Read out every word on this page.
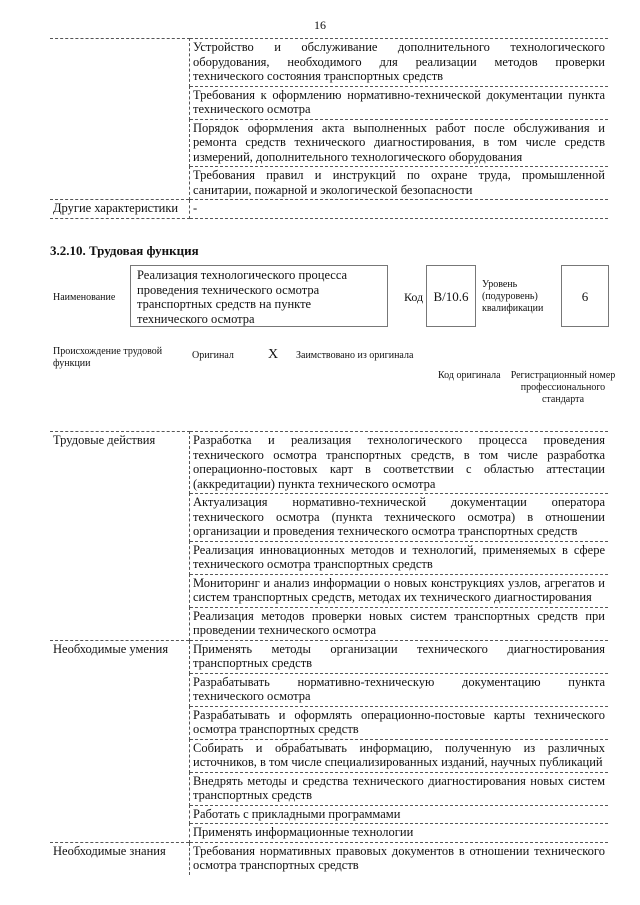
16
	Устройство и обслуживание дополнительного технологического оборудования, необходимого для реализации методов проверки технического состояния транспортных средств
	Требования к оформлению нормативно-технической документации пункта технического осмотра
	Порядок оформления акта выполненных работ после обслуживания и ремонта средств технического диагностирования, в том числе средств измерений, дополнительного технологического оборудования
	Требования правил и инструкций по охране труда, промышленной санитарии, пожарной и экологической безопасности
Другие характеристики	-
3.2.10. Трудовая функция
Наименование
Реализация технологического процесса проведения технического осмотра транспортных средств на пункте технического осмотра
Код B/10.6
Уровень (подуровень) квалификации
6
Происхождение трудовой функции
Оригинал X Заимствовано из оригинала
Код оригинала Регистрационный номер профессионального стандарта
Трудовые действия	Разработка и реализация технологического процесса проведения технического осмотра транспортных средств, в том числе разработка операционно-постовых карт в соответствии с областью аттестации (аккредитации) пункта технического осмотра
	Актуализация нормативно-технической документации оператора технического осмотра (пункта технического осмотра) в отношении организации и проведения технического осмотра транспортных средств
	Реализация инновационных методов и технологий, применяемых в сфере технического осмотра транспортных средств
	Мониторинг и анализ информации о новых конструкциях узлов, агрегатов и систем транспортных средств, методах их технического диагностирования
	Реализация методов проверки новых систем транспортных средств при проведении технического осмотра
Необходимые умения	Применять методы организации технического диагностирования транспортных средств
	Разрабатывать нормативно-техническую документацию пункта технического осмотра
	Разрабатывать и оформлять операционно-постовые карты технического осмотра транспортных средств
	Собирать и обрабатывать информацию, полученную из различных источников, в том числе специализированных изданий, научных публикаций
	Внедрять методы и средства технического диагностирования новых систем транспортных средств
	Работать с прикладными программами
	Применять информационные технологии
Необходимые знания	Требования нормативных правовых документов в отношении технического осмотра транспортных средств
